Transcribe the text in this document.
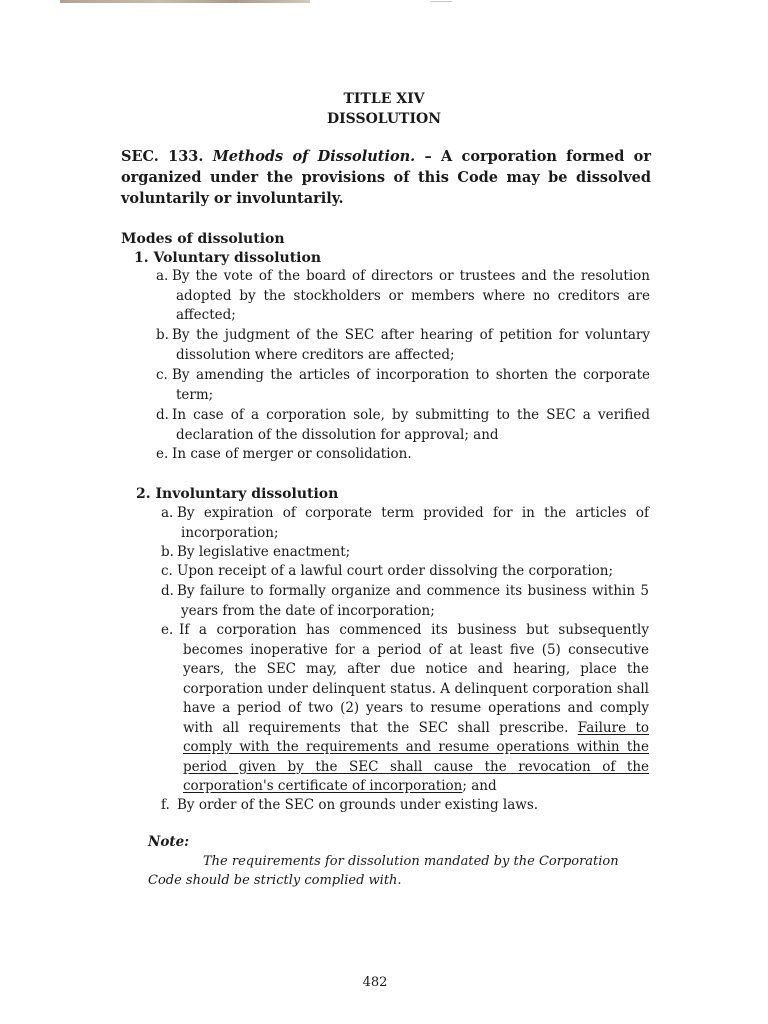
TITLE XIV
DISSOLUTION
SEC. 133. Methods of Dissolution. – A corporation formed or organized under the provisions of this Code may be dissolved voluntarily or involuntarily.
Modes of dissolution
1. Voluntary dissolution
a. By the vote of the board of directors or trustees and the resolution adopted by the stockholders or members where no creditors are affected;
b. By the judgment of the SEC after hearing of petition for voluntary dissolution where creditors are affected;
c. By amending the articles of incorporation to shorten the corporate term;
d. In case of a corporation sole, by submitting to the SEC a verified declaration of the dissolution for approval; and
e. In case of merger or consolidation.
2. Involuntary dissolution
a. By expiration of corporate term provided for in the articles of incorporation;
b. By legislative enactment;
c. Upon receipt of a lawful court order dissolving the corporation;
d. By failure to formally organize and commence its business within 5 years from the date of incorporation;
e. If a corporation has commenced its business but subsequently becomes inoperative for a period of at least five (5) consecutive years, the SEC may, after due notice and hearing, place the corporation under delinquent status. A delinquent corporation shall have a period of two (2) years to resume operations and comply with all requirements that the SEC shall prescribe. Failure to comply with the requirements and resume operations within the period given by the SEC shall cause the revocation of the corporation's certificate of incorporation; and
f. By order of the SEC on grounds under existing laws.
Note:
The requirements for dissolution mandated by the Corporation Code should be strictly complied with.
482
